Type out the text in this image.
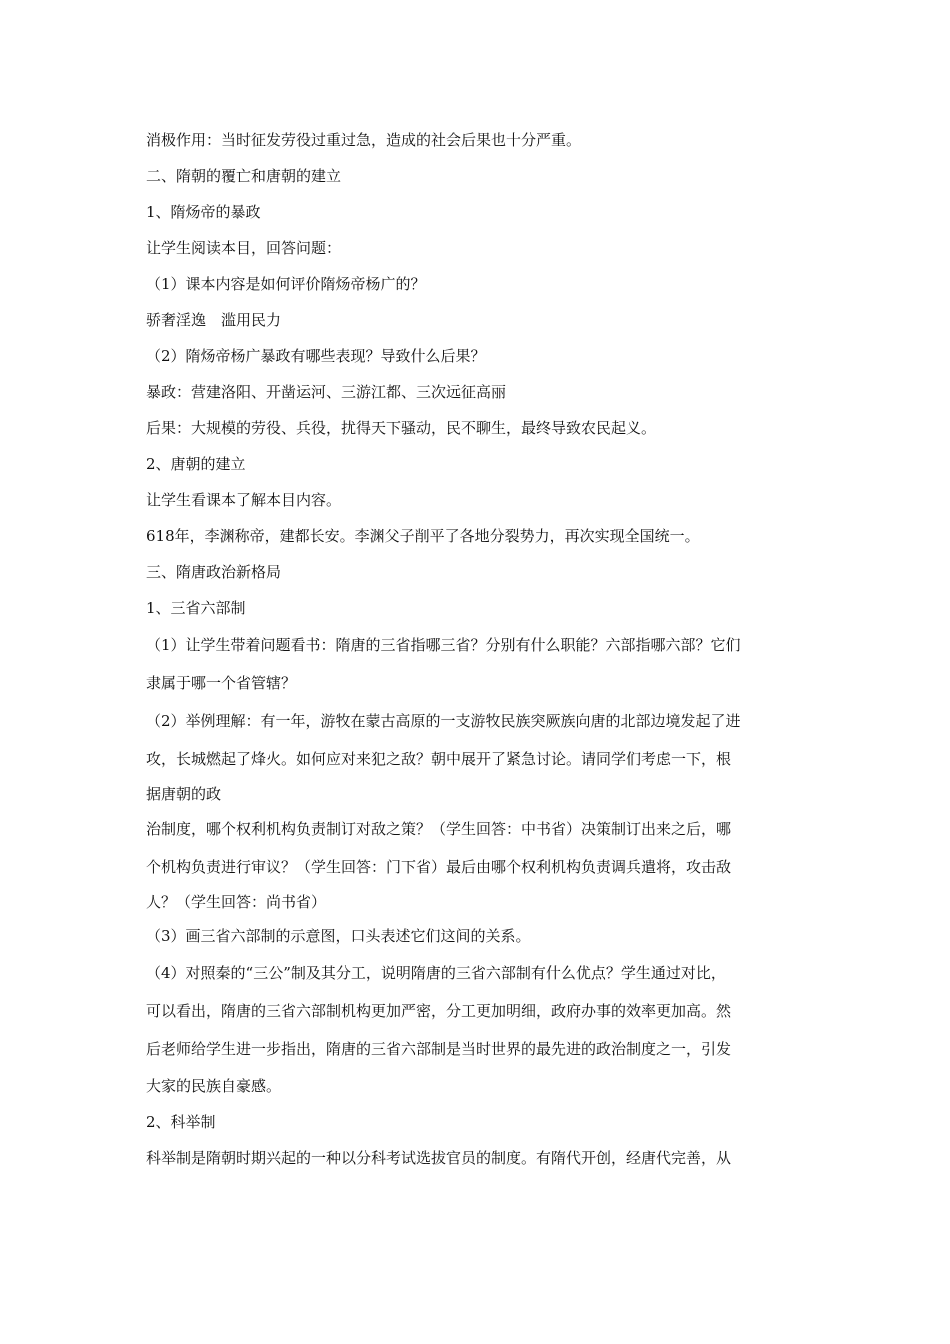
消极作用：当时征发劳役过重过急，造成的社会后果也十分严重。
二、隋朝的覆亡和唐朝的建立
1、隋炀帝的暴政
让学生阅读本目，回答问题：
（1）课本内容是如何评价隋炀帝杨广的？
骄奢淫逸　滥用民力
（2）隋炀帝杨广暴政有哪些表现？导致什么后果？
暴政：营建洛阳、开凿运河、三游江都、三次远征高丽
后果：大规模的劳役、兵役，扰得天下骚动，民不聊生，最终导致农民起义。
2、唐朝的建立
让学生看课本了解本目内容。
618年，李渊称帝，建都长安。李渊父子削平了各地分裂势力，再次实现全国统一。
三、隋唐政治新格局
1、三省六部制
（1）让学生带着问题看书：隋唐的三省指哪三省？分别有什么职能？六部指哪六部？它们
隶属于哪一个省管辖？
（2）举例理解：有一年，游牧在蒙古高原的一支游牧民族突厥族向唐的北部边境发起了进
攻，长城燃起了烽火。如何应对来犯之敌？朝中展开了紧急讨论。请同学们考虑一下，根
据唐朝的政
治制度，哪个权利机构负责制订对敌之策？（学生回答：中书省）决策制订出来之后，哪
个机构负责进行审议？（学生回答：门下省）最后由哪个权利机构负责调兵遣将，攻击敌
人？（学生回答：尚书省）
（3）画三省六部制的示意图，口头表述它们这间的关系。
（4）对照秦的“三公”制及其分工，说明隋唐的三省六部制有什么优点？学生通过对比，
可以看出，隋唐的三省六部制机构更加严密，分工更加明细，政府办事的效率更加高。然
后老师给学生进一步指出，隋唐的三省六部制是当时世界的最先进的政治制度之一，引发
大家的民族自豪感。
2、科举制
科举制是隋朝时期兴起的一种以分科考试选拔官员的制度。有隋代开创，经唐代完善，从
